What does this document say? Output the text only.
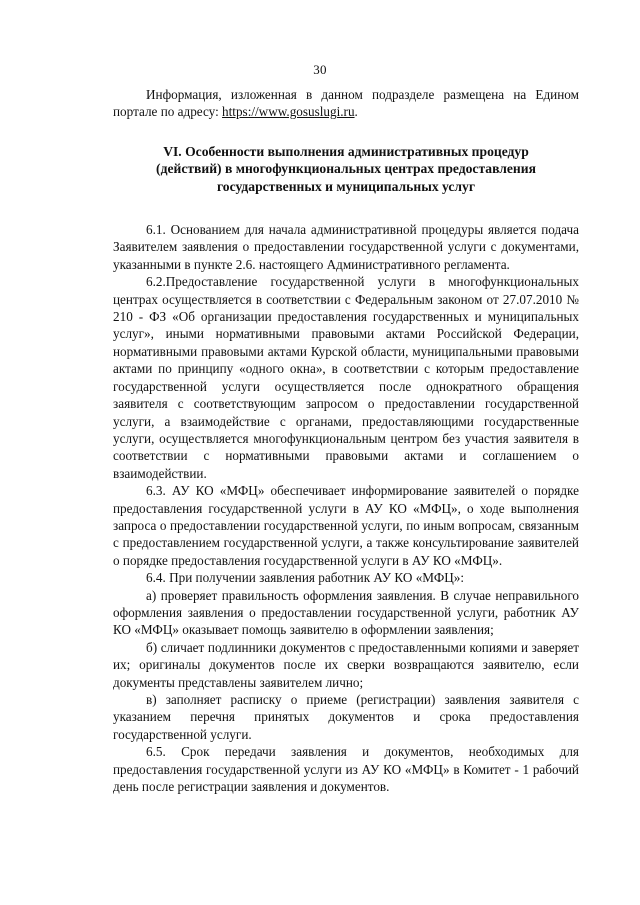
30

Информация, изложенная в данном подразделе размещена на Едином портале по адресу: https://www.gosuslugi.ru.

VI. Особенности выполнения административных процедур
(действий) в многофункциональных центрах предоставления
государственных и муниципальных услуг

6.1. Основанием для начала административной процедуры является подача Заявителем заявления о предоставлении государственной услуги с документами, указанными в пункте 2.6. настоящего Административного регламента.

6.2.Предоставление государственной услуги в многофункциональных центрах осуществляется в соответствии с Федеральным законом от 27.07.2010 № 210 - ФЗ «Об организации предоставления государственных и муниципальных услуг», иными нормативными правовыми актами Российской Федерации, нормативными правовыми актами Курской области, муниципальными правовыми актами по принципу «одного окна», в соответствии с которым предоставление государственной услуги осуществляется после однократного обращения заявителя с соответствующим запросом о предоставлении государственной услуги, а взаимодействие с органами, предоставляющими государственные услуги, осуществляется многофункциональным центром без участия заявителя в соответствии с нормативными правовыми актами и соглашением о взаимодействии.

6.3. АУ КО «МФЦ» обеспечивает информирование заявителей о порядке предоставления государственной услуги в АУ КО «МФЦ», о ходе выполнения запроса о предоставлении государственной услуги, по иным вопросам, связанным с предоставлением государственной услуги, а также консультирование заявителей о порядке предоставления государственной услуги в АУ КО «МФЦ».

6.4. При получении заявления работник АУ КО «МФЦ»:

а) проверяет правильность оформления заявления. В случае неправильного оформления заявления о предоставлении государственной услуги, работник АУ КО «МФЦ» оказывает помощь заявителю в оформлении заявления;

б) сличает подлинники документов с предоставленными копиями и заверяет их; оригиналы документов после их сверки возвращаются заявителю, если документы представлены заявителем лично;

в) заполняет расписку о приеме (регистрации) заявления заявителя с указанием перечня принятых документов и срока предоставления государственной услуги.

6.5. Срок передачи заявления и документов, необходимых для предоставления государственной услуги из АУ КО «МФЦ» в Комитет - 1 рабочий день после регистрации заявления и документов.
